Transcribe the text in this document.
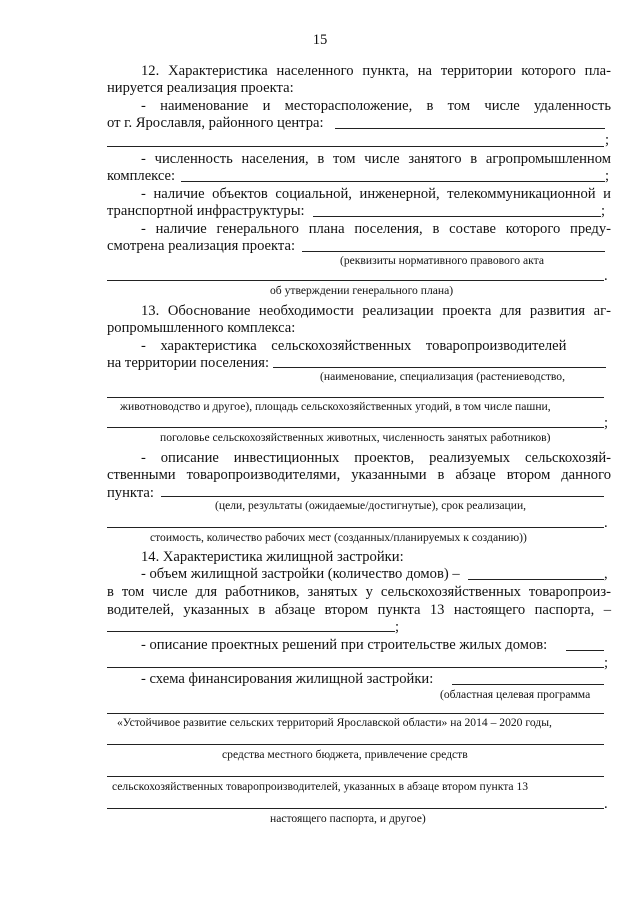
15
12. Характеристика населенного пункта, на территории которого пла-
нируется реализация проекта:
- наименование и месторасположение, в том числе удаленность
от г. Ярославля, районного центра:
;
- численность населения, в том числе занятого в агропромышленном
комплексе:	;
- наличие объектов социальной, инженерной, телекоммуникационной и
транспортной инфраструктуры:	;
- наличие генерального плана поселения, в составе которого преду-
смотрена реализация проекта:
(реквизиты нормативного правового акта
.
об утверждении генерального плана)
13. Обоснование необходимости реализации проекта для развития аг-
ропромышленного комплекса:
- характеристика сельскохозяйственных товаропроизводителей
на территории поселения:
(наименование, специализация (растениеводство,
животноводство и другое), площадь сельскохозяйственных угодий, в том числе пашни,
;
поголовье сельскохозяйственных животных, численность занятых работников)
- описание инвестиционных проектов, реализуемых сельскохозяй-
ственными товаропроизводителями, указанными в абзаце втором данного
пункта:
(цели, результаты (ожидаемые/достигнутые), срок реализации,
.
стоимость, количество рабочих мест (созданных/планируемых к созданию))
14. Характеристика жилищной застройки:
- объем жилищной застройки (количество домов) –	,
в том числе для работников, занятых у сельскохозяйственных товаропроиз-
водителей, указанных в абзаце втором пункта 13 настоящего паспорта, –
;
- описание проектных решений при строительстве жилых домов:
;
- схема финансирования жилищной застройки:
(областная целевая программа
«Устойчивое развитие сельских территорий Ярославской области» на 2014 – 2020 годы,
средства местного бюджета, привлечение средств
сельскохозяйственных товаропроизводителей, указанных в абзаце втором пункта 13
.
настоящего паспорта, и другое)
